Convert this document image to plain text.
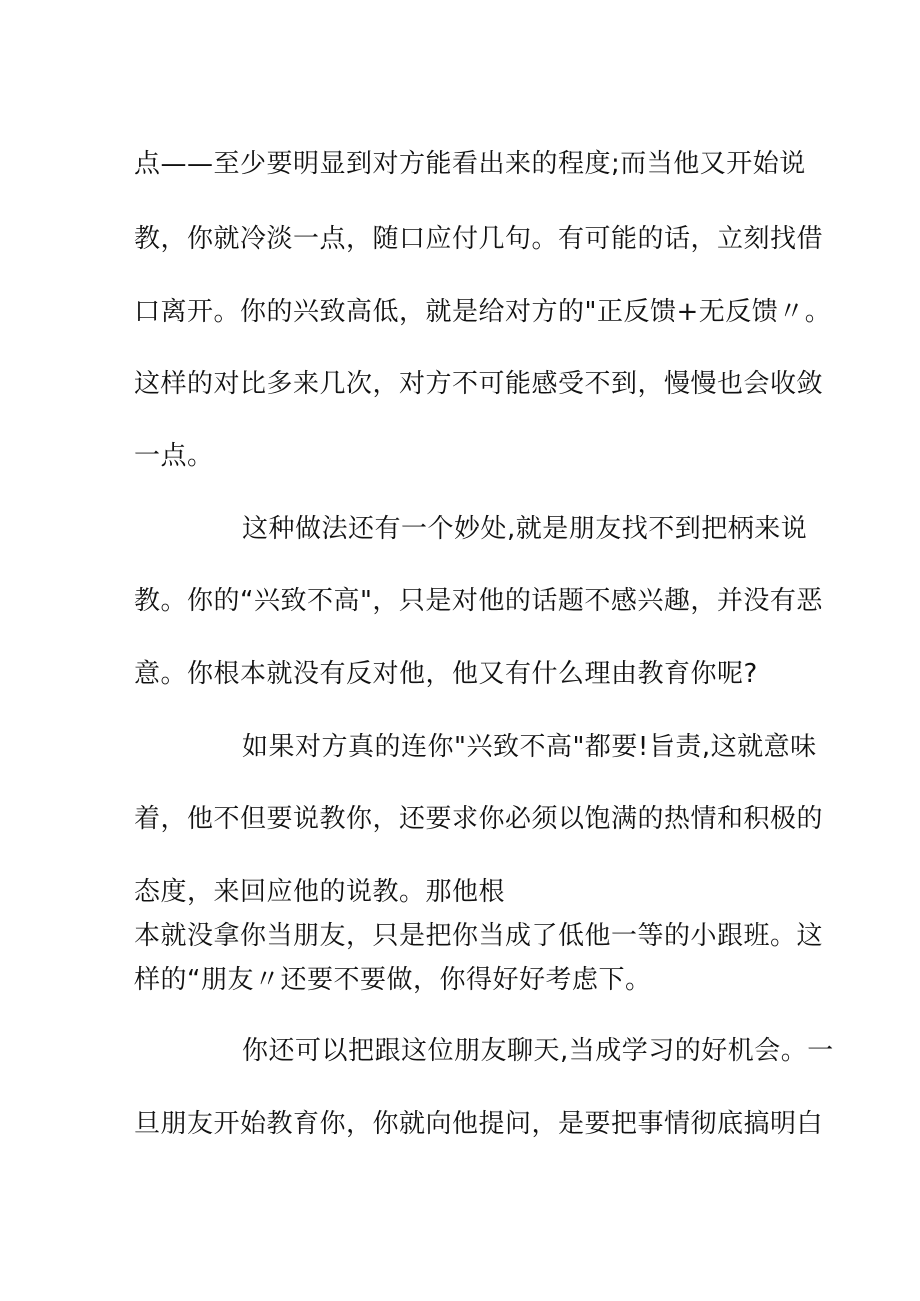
点——至少要明显到对方能看出来的程度;而当他又开始说
教，你就冷淡一点，随口应付几句。有可能的话，立刻找借
口离开。你的兴致高低，就是给对方的"正反馈+无反馈〃。
这样的对比多来几次，对方不可能感受不到，慢慢也会收敛
一点。
这种做法还有一个妙处,就是朋友找不到把柄来说
教。你的“兴致不高"，只是对他的话题不感兴趣，并没有恶
意。你根本就没有反对他，他又有什么理由教育你呢?
如果对方真的连你"兴致不高"都要!旨责,这就意味
着，他不但要说教你，还要求你必须以饱满的热情和积极的
态度，来回应他的说教。那他根
本就没拿你当朋友，只是把你当成了低他一等的小跟班。这
样的“朋友〃还要不要做，你得好好考虑下。
你还可以把跟这位朋友聊天,当成学习的好机会。一
旦朋友开始教育你，你就向他提问，是要把事情彻底搞明白
